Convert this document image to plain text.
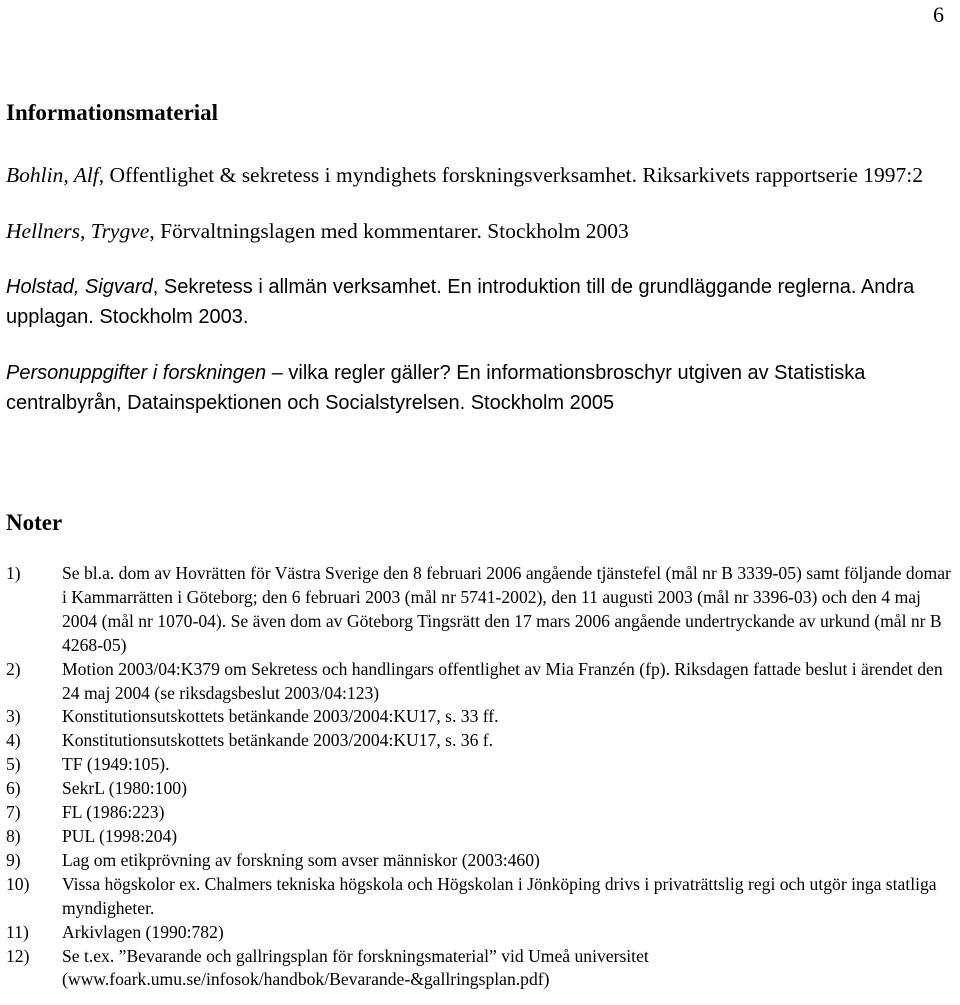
6
Informationsmaterial

Bohlin, Alf, Offentlighet & sekretess i myndighets forskningsverksamhet. Riksarkivets rapportserie 1997:2

Hellners, Trygve, Förvaltningslagen med kommentarer. Stockholm 2003

Holstad, Sigvard, Sekretess i allmän verksamhet. En introduktion till de grundläggande reglerna. Andra upplagan. Stockholm 2003.

Personuppgifter i forskningen – vilka regler gäller? En informationsbroschyr utgiven av Statistiska centralbyrån, Datainspektionen och Socialstyrelsen. Stockholm 2005

Noter
1) Se bl.a. dom av Hovrätten för Västra Sverige den 8 februari 2006 angående tjänstefel (mål nr B 3339-05) samt följande domar i Kammarrätten i Göteborg; den 6 februari 2003 (mål nr 5741-2002), den 11 augusti 2003 (mål nr 3396-03) och den 4 maj 2004 (mål nr 1070-04). Se även dom av Göteborg Tingsrätt den 17 mars 2006 angående undertryckande av urkund (mål nr B 4268-05)
2) Motion 2003/04:K379 om Sekretess och handlingars offentlighet av Mia Franzén (fp). Riksdagen fattade beslut i ärendet den 24 maj 2004 (se riksdagsbeslut 2003/04:123)
3) Konstitutionsutskottets betänkande 2003/2004:KU17, s. 33 ff.
4) Konstitutionsutskottets betänkande 2003/2004:KU17, s. 36 f.
5) TF (1949:105).
6) SekrL (1980:100)
7) FL (1986:223)
8) PUL (1998:204)
9) Lag om etikprövning av forskning som avser människor (2003:460)
10) Vissa högskolor ex. Chalmers tekniska högskola och Högskolan i Jönköping drivs i privaträttslig regi och utgör inga statliga myndigheter.
11) Arkivlagen (1990:782)
12) Se t.ex. ”Bevarande och gallringsplan för forskningsmaterial” vid Umeå universitet (www.foark.umu.se/infosok/handbok/Bevarande-&gallringsplan.pdf)
